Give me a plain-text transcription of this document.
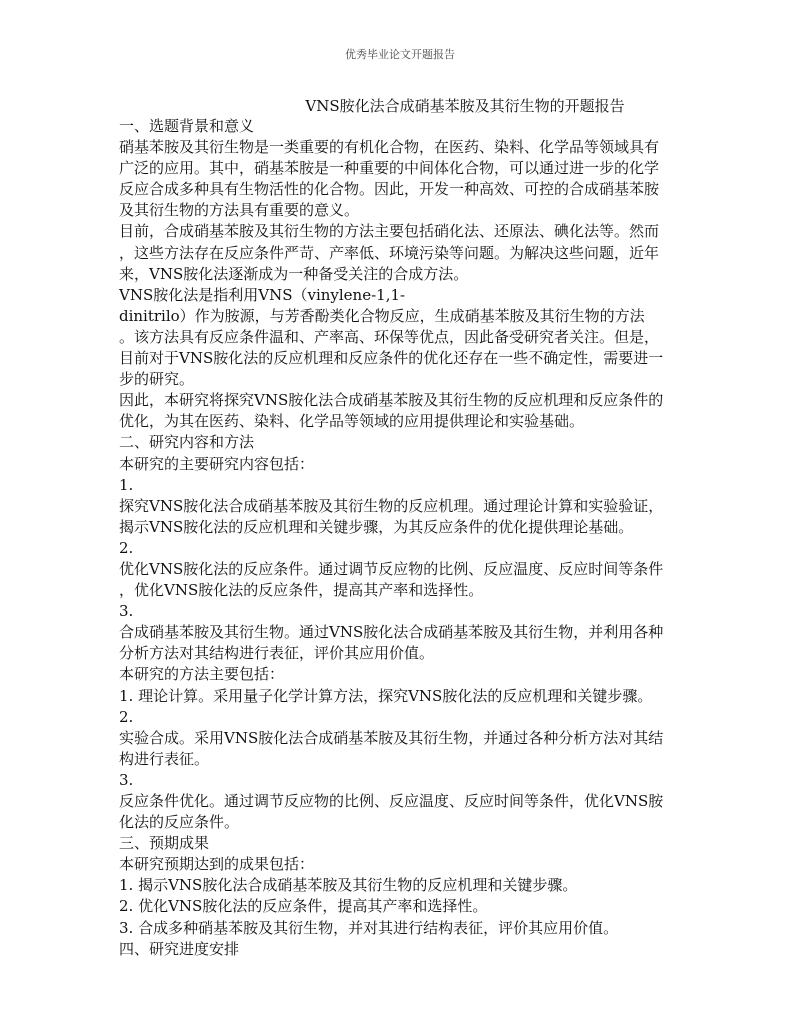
优秀毕业论文开题报告
VNS胺化法合成硝基苯胺及其衍生物的开题报告
一、选题背景和意义
硝基苯胺及其衍生物是一类重要的有机化合物，在医药、染料、化学品等领域具有
广泛的应用。其中，硝基苯胺是一种重要的中间体化合物，可以通过进一步的化学
反应合成多种具有生物活性的化合物。因此，开发一种高效、可控的合成硝基苯胺
及其衍生物的方法具有重要的意义。
目前，合成硝基苯胺及其衍生物的方法主要包括硝化法、还原法、碘化法等。然而
，这些方法存在反应条件严苛、产率低、环境污染等问题。为解决这些问题，近年
来，VNS胺化法逐渐成为一种备受关注的合成方法。
VNS胺化法是指利用VNS（vinylene-1,1-
dinitrilo）作为胺源，与芳香酚类化合物反应，生成硝基苯胺及其衍生物的方法
。该方法具有反应条件温和、产率高、环保等优点，因此备受研究者关注。但是，
目前对于VNS胺化法的反应机理和反应条件的优化还存在一些不确定性，需要进一
步的研究。
因此，本研究将探究VNS胺化法合成硝基苯胺及其衍生物的反应机理和反应条件的
优化，为其在医药、染料、化学品等领域的应用提供理论和实验基础。
二、研究内容和方法
本研究的主要研究内容包括：
1.
探究VNS胺化法合成硝基苯胺及其衍生物的反应机理。通过理论计算和实验验证，
揭示VNS胺化法的反应机理和关键步骤，为其反应条件的优化提供理论基础。
2.
优化VNS胺化法的反应条件。通过调节反应物的比例、反应温度、反应时间等条件
，优化VNS胺化法的反应条件，提高其产率和选择性。
3.
合成硝基苯胺及其衍生物。通过VNS胺化法合成硝基苯胺及其衍生物，并利用各种
分析方法对其结构进行表征，评价其应用价值。
本研究的方法主要包括：
1. 理论计算。采用量子化学计算方法，探究VNS胺化法的反应机理和关键步骤。
2.
实验合成。采用VNS胺化法合成硝基苯胺及其衍生物，并通过各种分析方法对其结
构进行表征。
3.
反应条件优化。通过调节反应物的比例、反应温度、反应时间等条件，优化VNS胺
化法的反应条件。
三、预期成果
本研究预期达到的成果包括：
1. 揭示VNS胺化法合成硝基苯胺及其衍生物的反应机理和关键步骤。
2. 优化VNS胺化法的反应条件，提高其产率和选择性。
3. 合成多种硝基苯胺及其衍生物，并对其进行结构表征，评价其应用价值。
四、研究进度安排
